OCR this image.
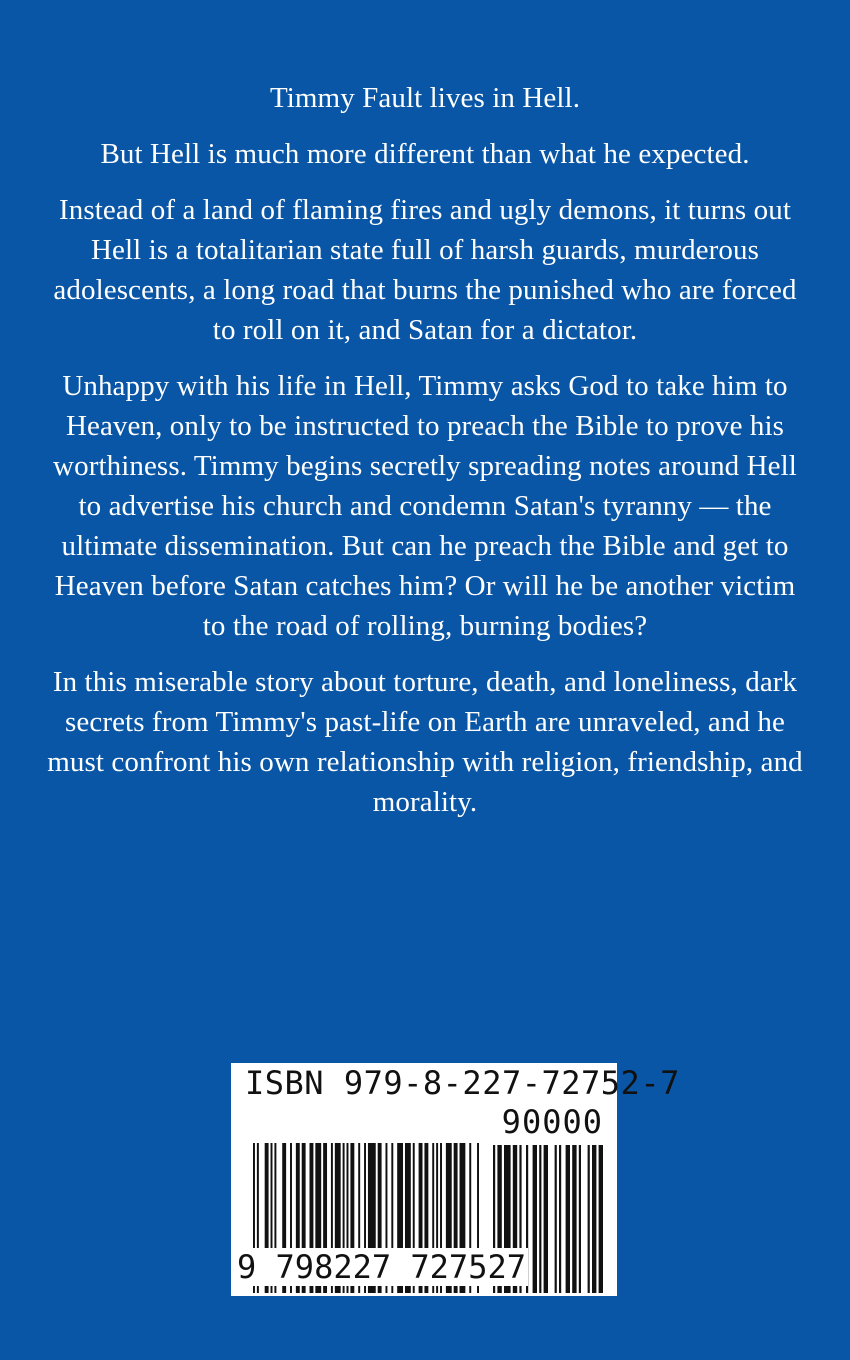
Timmy Fault lives in Hell.

But Hell is much more different than what he expected.

Instead of a land of flaming fires and ugly demons, it turns out Hell is a totalitarian state full of harsh guards, murderous adolescents, a long road that burns the punished who are forced to roll on it, and Satan for a dictator.

Unhappy with his life in Hell, Timmy asks God to take him to Heaven, only to be instructed to preach the Bible to prove his worthiness. Timmy begins secretly spreading notes around Hell to advertise his church and condemn Satan's tyranny — the ultimate dissemination. But can he preach the Bible and get to Heaven before Satan catches him? Or will he be another victim to the road of rolling, burning bodies?

In this miserable story about torture, death, and loneliness, dark secrets from Timmy's past-life on Earth are unraveled, and he must confront his own relationship with religion, friendship, and morality.

ISBN 979-8-227-72752-7
90000
9 798227 727527
